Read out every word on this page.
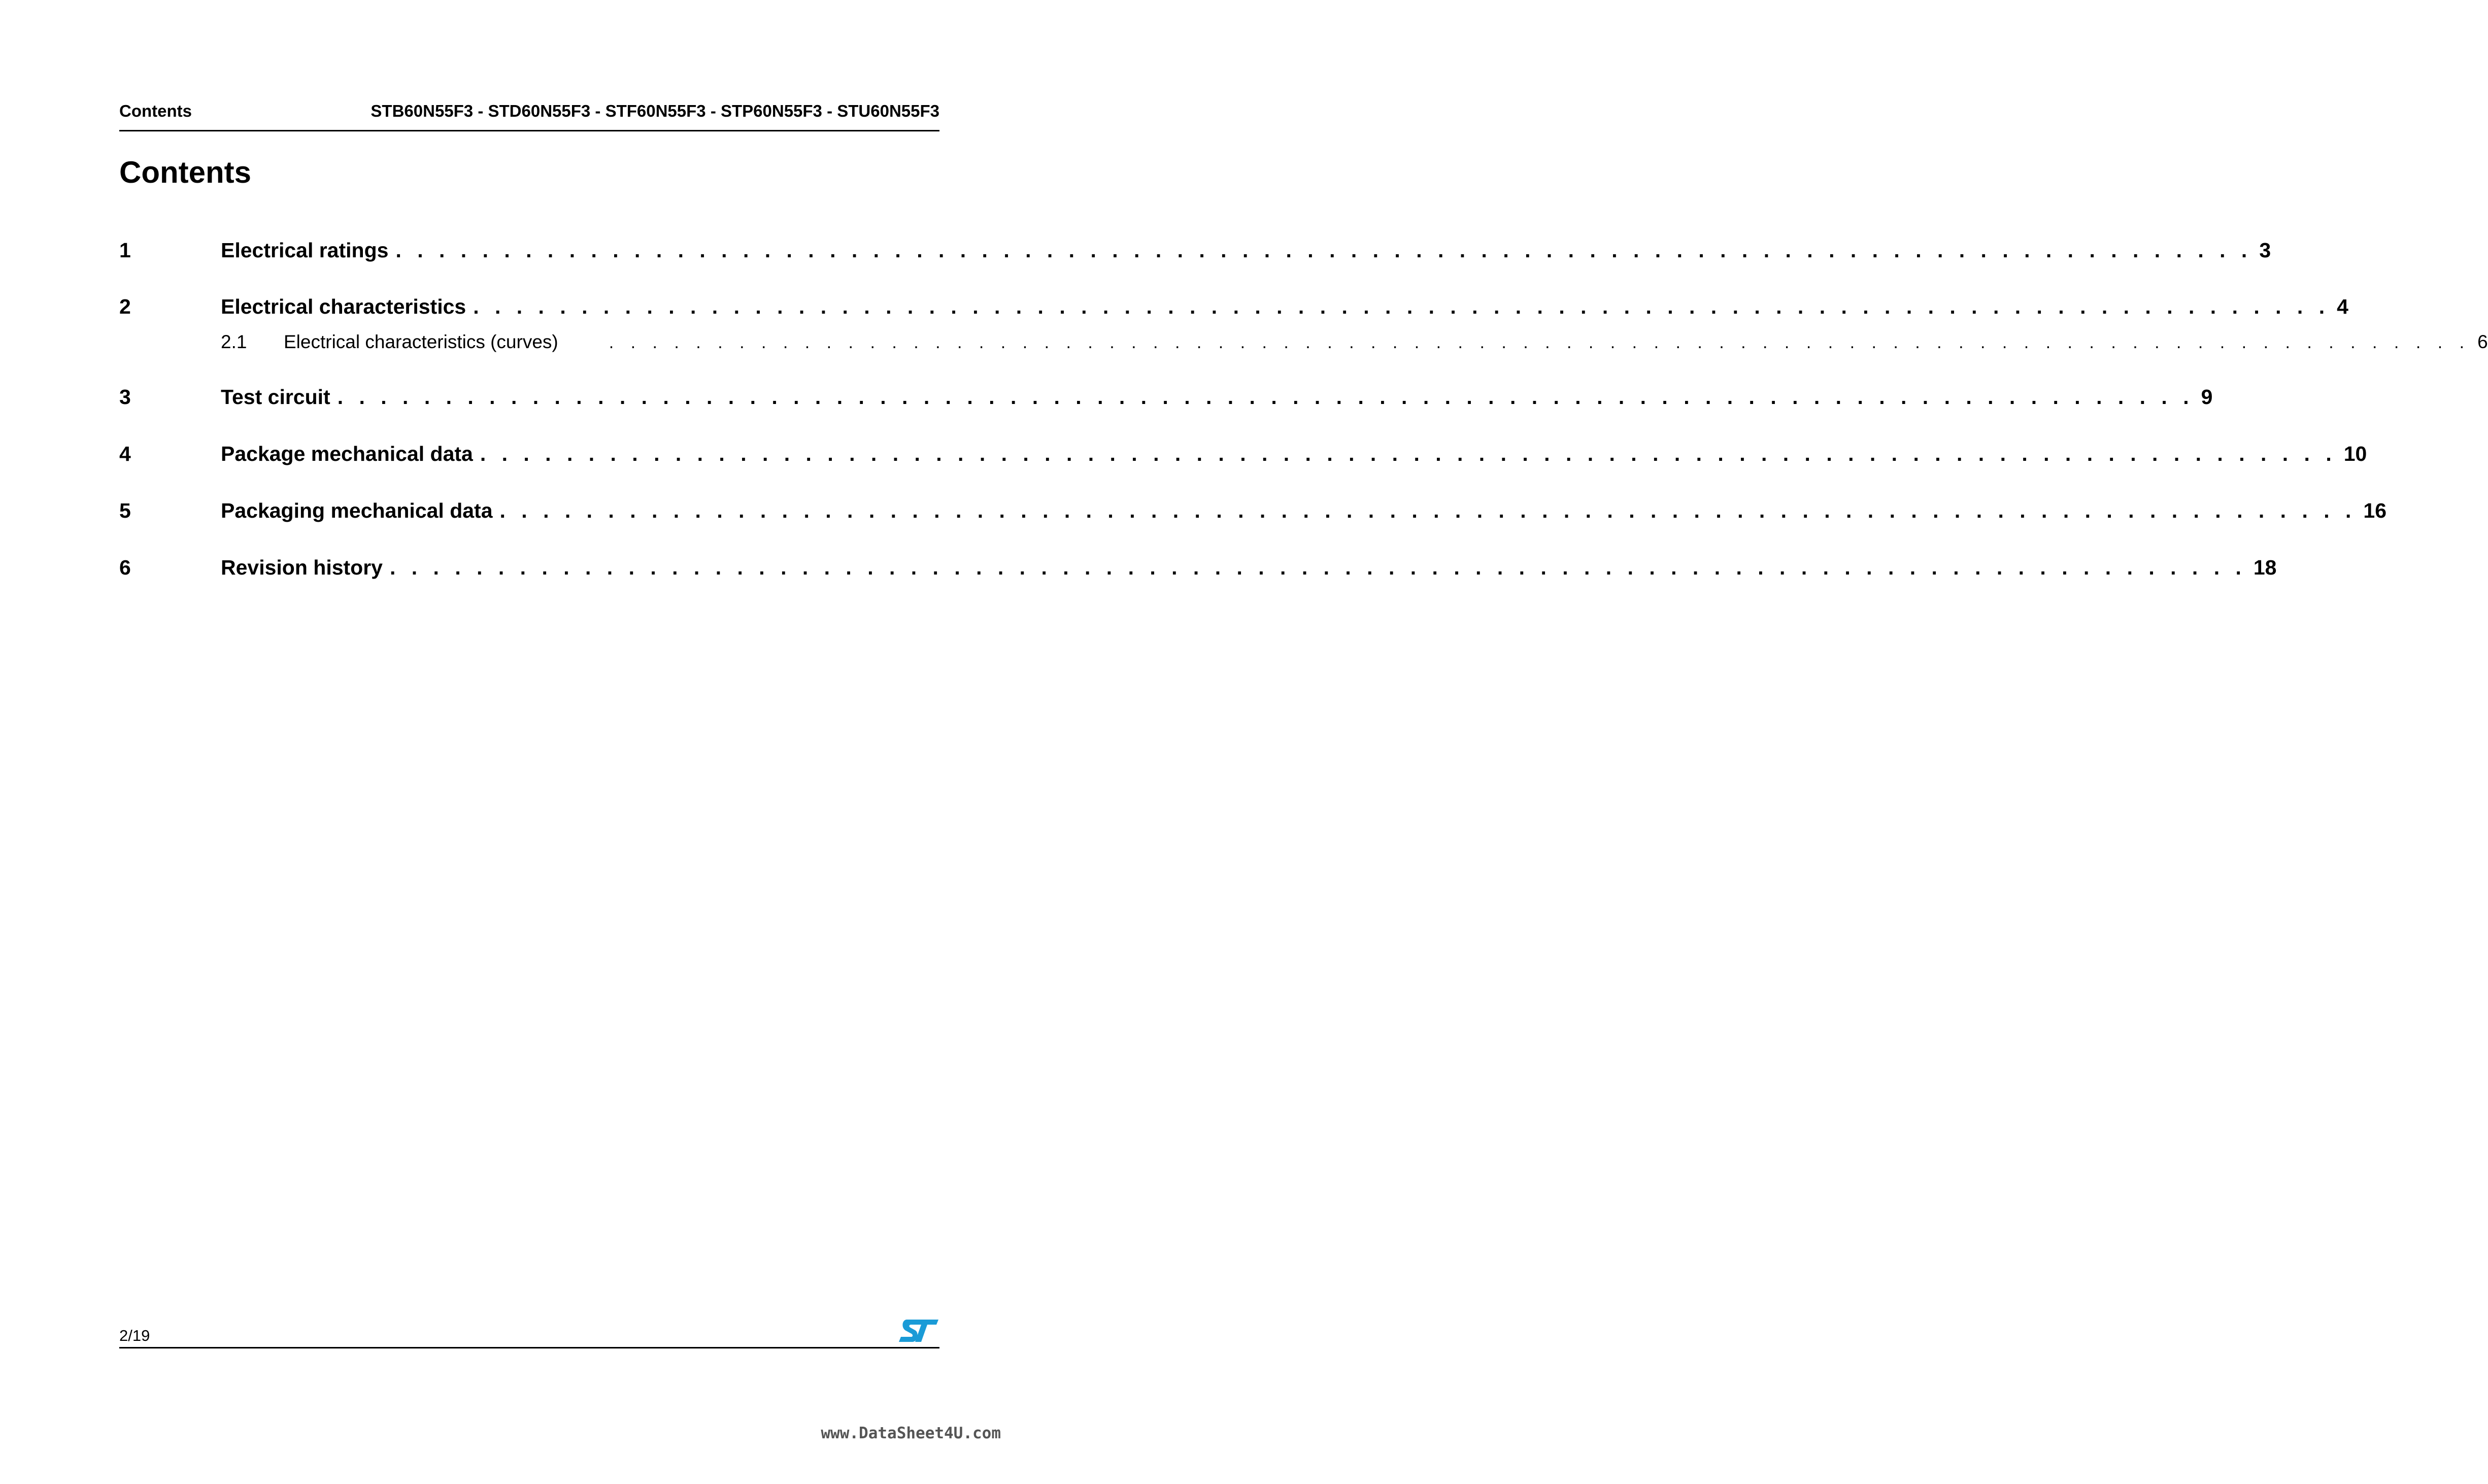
Contents	STB60N55F3 - STD60N55F3 - STF60N55F3 - STP60N55F3 - STU60N55F3
Contents
1	Electrical ratings . . . . . . . . . . . . . . . . . . . . . . . . . . . . . . . . . . . . . . . . . . . . . . . . . . . . . . . . . . . . . . . . . . . . . . . . . . . . . . . . . . . . . . 3
2	Electrical characteristics . . . . . . . . . . . . . . . . . . . . . . . . . . . . . . . . . . . . . . . . . . . . . . . . . . . . . . . . . . . . . . . . . . . . . . . . . . . . . . . . . . . . . . 4
2.1 Electrical characteristics (curves)	. . . . . . . . . . . . . . . . . . . . . . . . . . . . . . . . . . . . . . . . . . . . . . . . . . . . . . . . . . . . . . . . . . . . . . . . . . . . . . . . . . . . . . 6
3	Test circuit . . . . . . . . . . . . . . . . . . . . . . . . . . . . . . . . . . . . . . . . . . . . . . . . . . . . . . . . . . . . . . . . . . . . . . . . . . . . . . . . . . . . . . 9
4	Package mechanical data . . . . . . . . . . . . . . . . . . . . . . . . . . . . . . . . . . . . . . . . . . . . . . . . . . . . . . . . . . . . . . . . . . . . . . . . . . . . . . . . . . . . . . 10
5	Packaging mechanical data . . . . . . . . . . . . . . . . . . . . . . . . . . . . . . . . . . . . . . . . . . . . . . . . . . . . . . . . . . . . . . . . . . . . . . . . . . . . . . . . . . . . . . 16
6	Revision history . . . . . . . . . . . . . . . . . . . . . . . . . . . . . . . . . . . . . . . . . . . . . . . . . . . . . . . . . . . . . . . . . . . . . . . . . . . . . . . . . . . . . . 18
2/19
www.DataSheet4U.com
